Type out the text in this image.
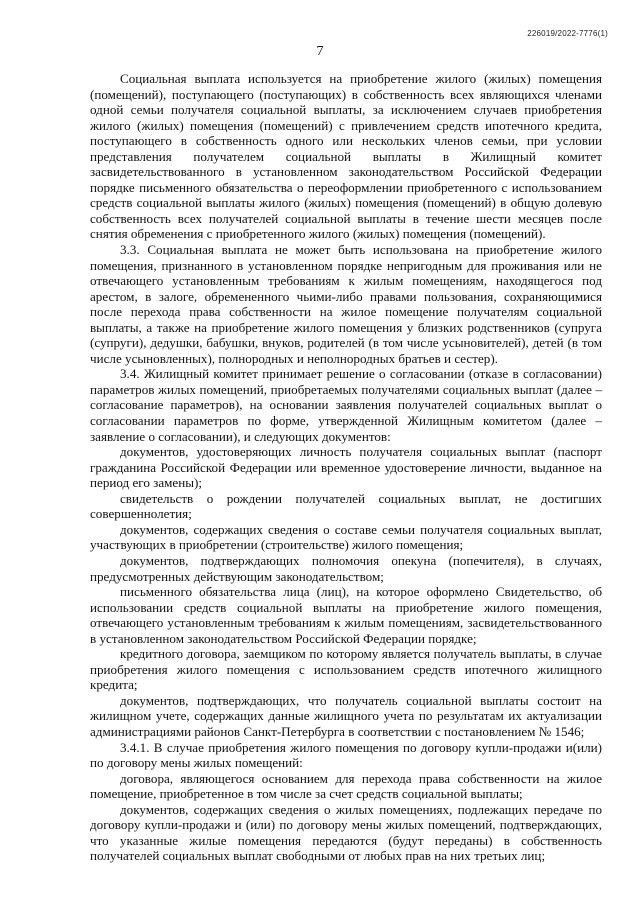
226019/2022-7776(1)
7

Социальная выплата используется на приобретение жилого (жилых) помещения (помещений), поступающего (поступающих) в собственность всех являющихся членами одной семьи получателя социальной выплаты, за исключением случаев приобретения жилого (жилых) помещения (помещений) с привлечением средств ипотечного кредита, поступающего в собственность одного или нескольких членов семьи, при условии представления получателем социальной выплаты в Жилищный комитет засвидетельствованного в установленном законодательством Российской Федерации порядке письменного обязательства о переоформлении приобретенного с использованием средств социальной выплаты жилого (жилых) помещения (помещений) в общую долевую собственность всех получателей социальной выплаты в течение шести месяцев после снятия обременения с приобретенного жилого (жилых) помещения (помещений).

3.3. Социальная выплата не может быть использована на приобретение жилого помещения, признанного в установленном порядке непригодным для проживания или не отвечающего установленным требованиям к жилым помещениям, находящегося под арестом, в залоге, обремененного чьими-либо правами пользования, сохраняющимися после перехода права собственности на жилое помещение получателям социальной выплаты, а также на приобретение жилого помещения у близких родственников (супруга (супруги), дедушки, бабушки, внуков, родителей (в том числе усыновителей), детей (в том числе усыновленных), полнородных и неполнородных братьев и сестер).

3.4. Жилищный комитет принимает решение о согласовании (отказе в согласовании) параметров жилых помещений, приобретаемых получателями социальных выплат (далее – согласование параметров), на основании заявления получателей социальных выплат о согласовании параметров по форме, утвержденной Жилищным комитетом (далее – заявление о согласовании), и следующих документов:

документов, удостоверяющих личность получателя социальных выплат (паспорт гражданина Российской Федерации или временное удостоверение личности, выданное на период его замены);

свидетельств о рождении получателей социальных выплат, не достигших совершеннолетия;

документов, содержащих сведения о составе семьи получателя социальных выплат, участвующих в приобретении (строительстве) жилого помещения;

документов, подтверждающих полномочия опекуна (попечителя), в случаях, предусмотренных действующим законодательством;

письменного обязательства лица (лиц), на которое оформлено Свидетельство, об использовании средств социальной выплаты на приобретение жилого помещения, отвечающего установленным требованиям к жилым помещениям, засвидетельствованного в установленном законодательством Российской Федерации порядке;

кредитного договора, заемщиком по которому является получатель выплаты, в случае приобретения жилого помещения с использованием средств ипотечного жилищного кредита;

документов, подтверждающих, что получатель социальной выплаты состоит на жилищном учете, содержащих данные жилищного учета по результатам их актуализации администрациями районов Санкт-Петербурга в соответствии с постановлением № 1546;

3.4.1. В случае приобретения жилого помещения по договору купли-продажи и(или) по договору мены жилых помещений:

договора, являющегося основанием для перехода права собственности на жилое помещение, приобретенное в том числе за счет средств социальной выплаты;

документов, содержащих сведения о жилых помещениях, подлежащих передаче по договору купли-продажи и (или) по договору мены жилых помещений, подтверждающих, что указанные жилые помещения передаются (будут переданы) в собственность получателей социальных выплат свободными от любых прав на них третьих лиц;
